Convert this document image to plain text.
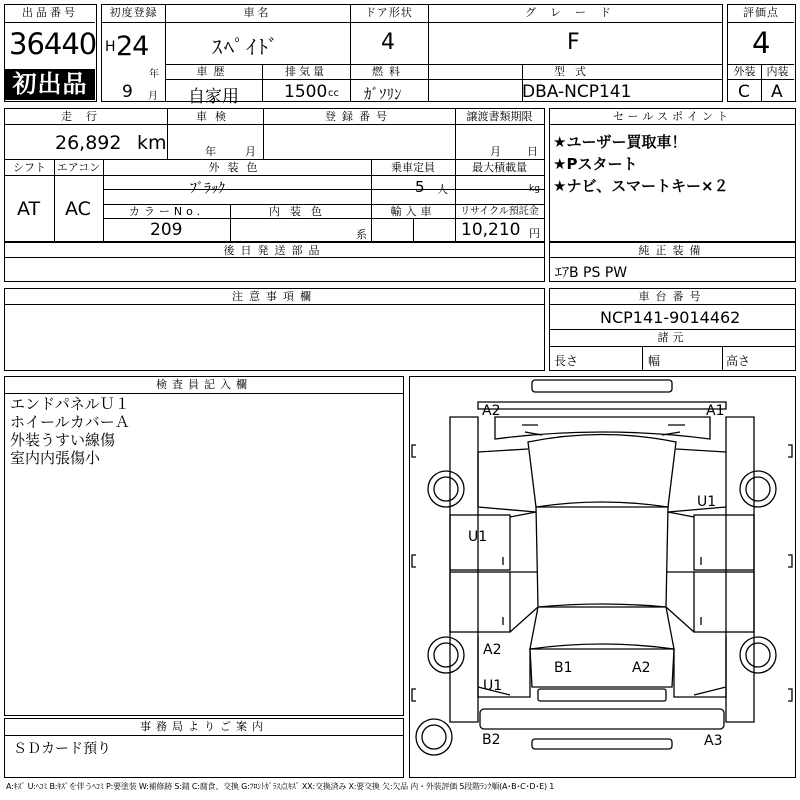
出品番号
36440
初出品
初度登録
H 24
年
9 月
車名
ｽﾍﾟｲﾄﾞ
ドア形状
4
グレード
F
車歴
自家用
排気量
1500 cc
燃料
ｶﾞｿﾘﾝ
型式
DBA-NCP141
評価点
4
外装	内装
C A
走行
26,892 km
車検
年	月
登録番号	譲渡書類期限
月 日
シフト
AT
エアコン
AC
外装色
ﾌﾞﾗｯｸ
乗車定員
5 人
最大積載量
kg
カラーNo.
209
内装色
系
輸入車	リサイクル預託金
10,210 円
後日発送部品
注意事項欄
セールスポイント
★ユーザー買取車！
★Pスタート
★ナビ、スマートキー×２
純正装備
ｴｱB PS PW
車台番号
NCP141-9014462
諸元
長さ	幅	高さ
検査員記入欄
エンドパネルＵ１
ホイールカバーＡ
外装うすい線傷
室内内張傷小
事務局よりご案内
ＳＤカード預り
A2	A1
U1
U1
A2
U1
B1	A2
B2	A3
A:ｷｽﾞ U:ﾍｺﾐ B:ｷｽﾞを伴うﾍｺﾐ P:要塗装 W:補修跡 S:錆 C:腐食、交換 G:ﾌﾛﾝﾄｶﾞﾗｽ点ｷｽﾞ XX:交換済み X:要交換 欠:欠品 内・外装評価 5段階ﾗﾝｸ順(A･B･C･D･E) 1
